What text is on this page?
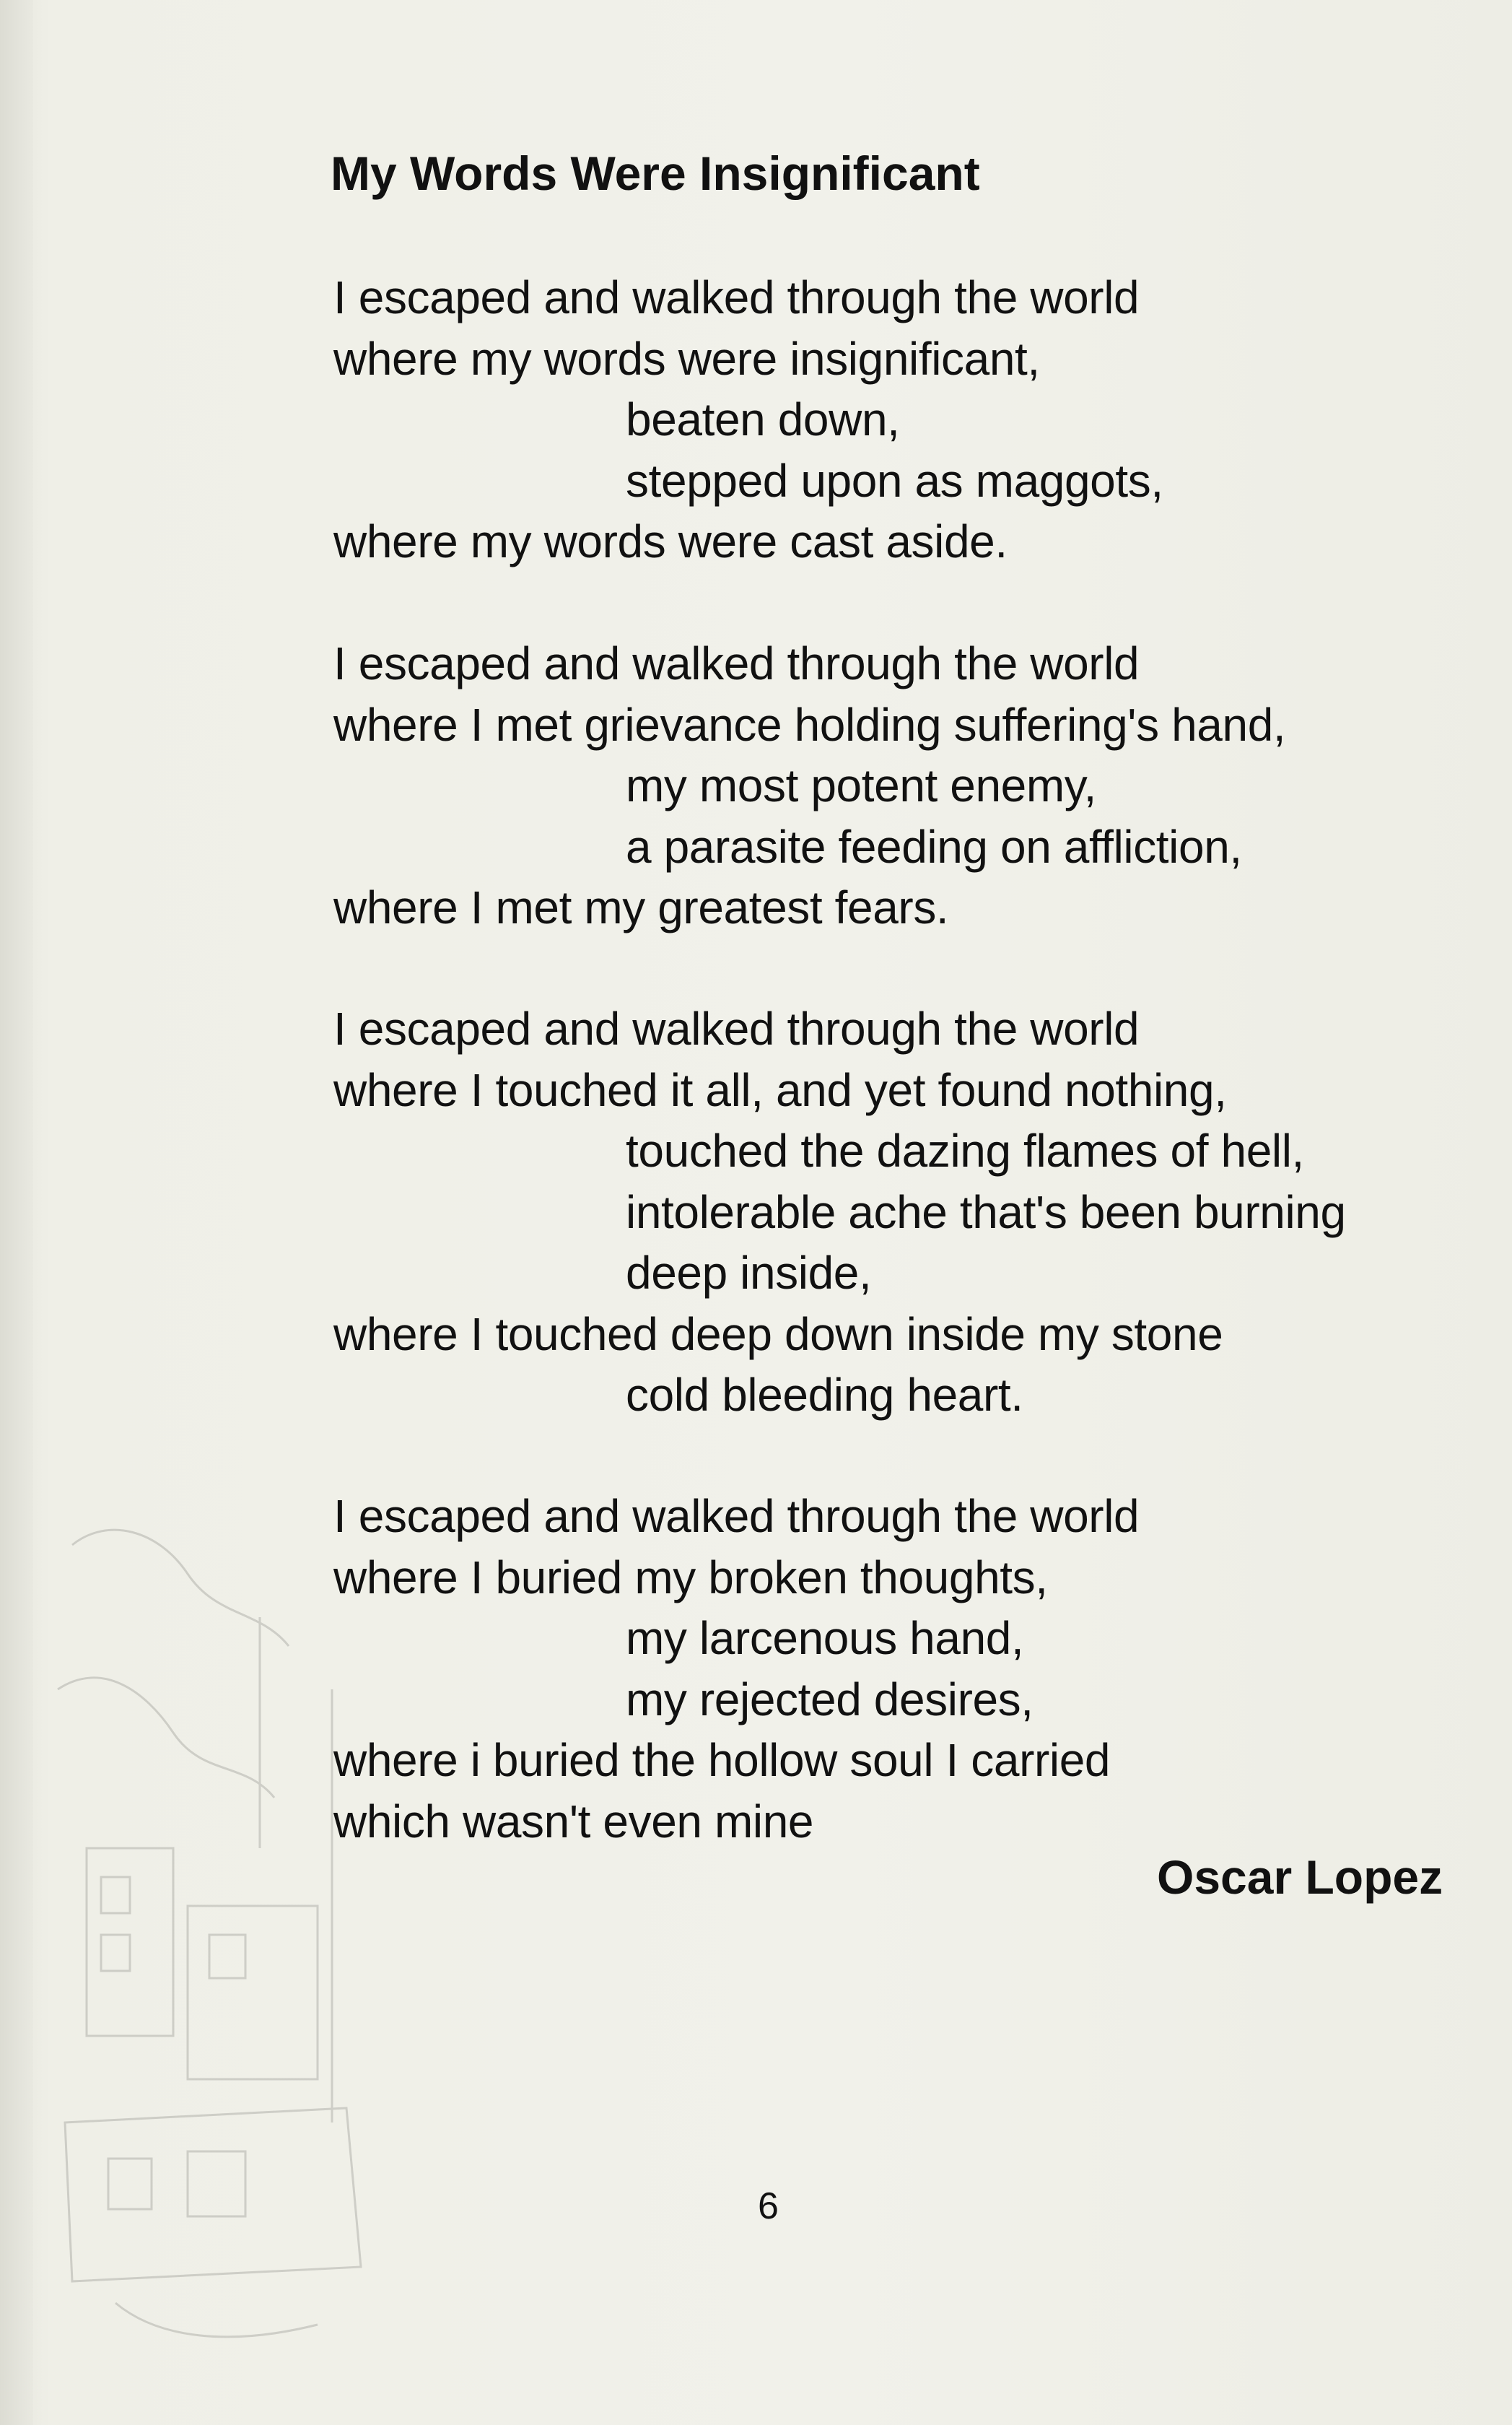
My Words Were Insignificant
I escaped and walked through the world
where my words were insignificant,
beaten down,
stepped upon as maggots,
where my words were cast aside.
I escaped and walked through the world
where I met grievance holding suffering's hand,
my most potent enemy,
a parasite feeding on affliction,
where I met my greatest fears.
I escaped and walked through the world
where I touched it all, and yet found nothing,
touched the dazing flames of hell,
intolerable ache that's been burning
deep inside,
where I touched deep down inside my stone
cold bleeding heart.
I escaped and walked through the world
where I buried my broken thoughts,
my larcenous hand,
my rejected desires,
where i buried the hollow soul I carried
which wasn't even mine
Oscar Lopez
6
